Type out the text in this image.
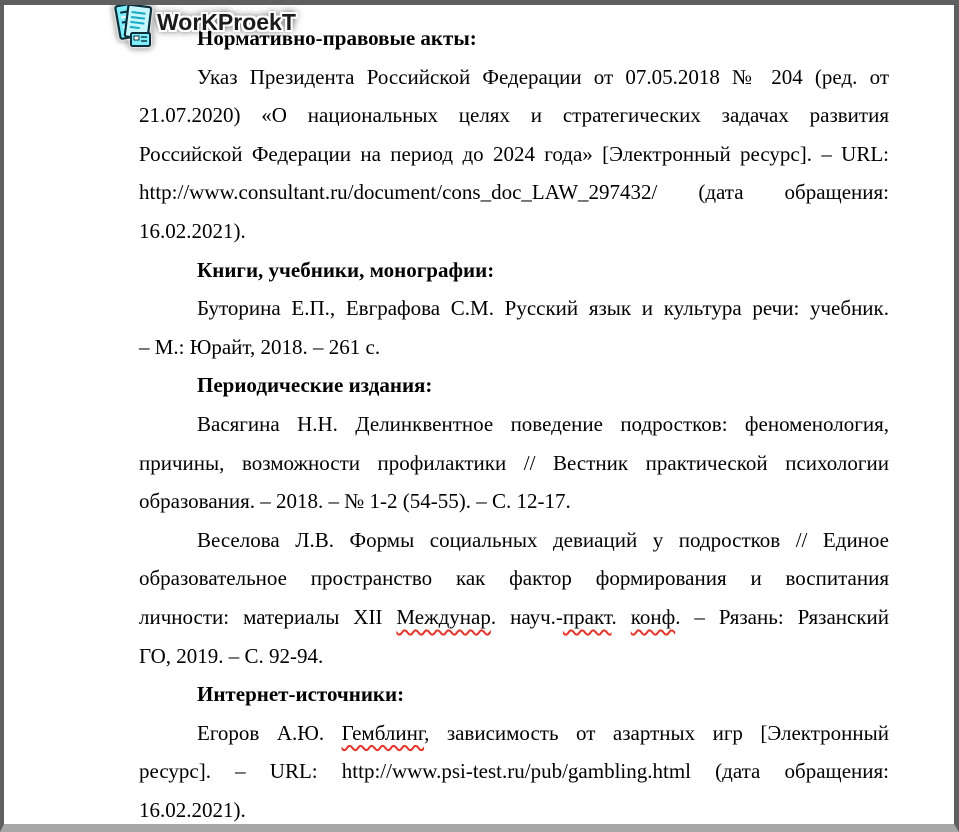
WorKProekT
Нормативно-правовые акты:
Указ Президента Российской Федерации от 07.05.2018 № 204 (ред. от
21.07.2020) «О национальных целях и стратегических задачах развития
Российской Федерации на период до 2024 года» [Электронный ресурс]. – URL:
http://www.consultant.ru/document/cons_doc_LAW_297432/ (дата обращения:
16.02.2021).
Книги, учебники, монографии:
Буторина Е.П., Евграфова С.М. Русский язык и культура речи: учебник.
– М.: Юрайт, 2018. – 261 с.
Периодические издания:
Васягина Н.Н. Делинквентное поведение подростков: феноменология,
причины, возможности профилактики // Вестник практической психологии
образования. – 2018. – № 1-2 (54-55). – С. 12-17.
Веселова Л.В. Формы социальных девиаций у подростков // Единое
образовательное пространство как фактор формирования и воспитания
личности: материалы XII Междунар. науч.-практ. конф. – Рязань: Рязанский
ГО, 2019. – С. 92-94.
Интернет-источники:
Егоров А.Ю. Гемблинг, зависимость от азартных игр [Электронный
ресурс]. – URL: http://www.psi-test.ru/pub/gambling.html (дата обращения:
16.02.2021).
